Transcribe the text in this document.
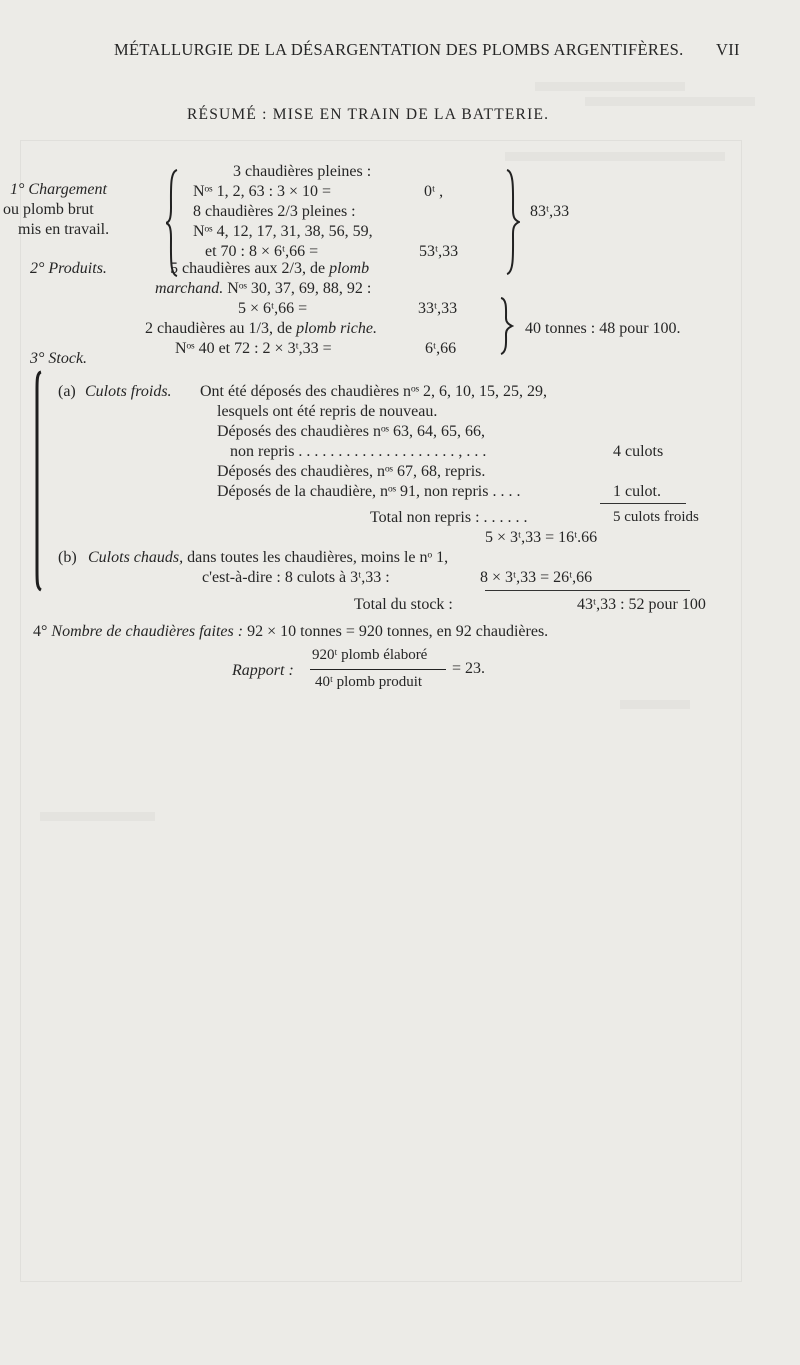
MÉTALLURGIE DE LA DÉSARGENTATION DES PLOMBS ARGENTIFÈRES. VII
RÉSUMÉ : MISE EN TRAIN DE LA BATTERIE.
1° Chargement
ou plomb brut
mis en travail.
3 chaudières pleines :
Nᵒˢ 1, 2, 63 : 3 × 10 =	0ᵗ ,
8 chaudières 2/3 pleines :
Nᵒˢ 4, 12, 17, 31, 38, 56, 59,
et 70 : 8 × 6ᵗ,66 =	53ᵗ,33
83ᵗ,33
2° Produits.	5 chaudières aux 2/3, de plomb
marchand. Nᵒˢ 30, 37, 69, 88, 92 :
5 × 6ᵗ,66 =	33ᵗ,33
2 chaudières au 1/3, de plomb riche.
Nᵒˢ 40 et 72 : 2 × 3ᵗ,33 =	6ᵗ,66
40 tonnes : 48 pour 100.
3° Stock.
(a) Culots froids. Ont été déposés des chaudières nᵒˢ 2, 6, 10, 15, 25, 29,
lesquels ont été repris de nouveau.
Déposés des chaudières nᵒˢ 63, 64, 65, 66,
non repris . . . . . . . . . . . . . . . . . . . . , . . .	4 culots
Déposés des chaudières, nᵒˢ 67, 68, repris.
Déposés de la chaudière, nᵒˢ 91, non repris . . . .	1 culot.
Total non repris : . . . . . .	5 culots froids
5 × 3ᵗ,33 = 16ᵗ.66
(b) Culots chauds, dans toutes les chaudières, moins le nᵒ 1,
c'est-à-dire : 8 culots à 3ᵗ,33 :	8 × 3ᵗ,33 = 26ᵗ,66
Total du stock :	43ᵗ,33 : 52 pour 100
4° Nombre de chaudières faites : 92 × 10 tonnes = 920 tonnes, en 92 chaudières.
Rapport :
920ᵗ plomb élaboré
40ᵗ plomb produit
= 23.
